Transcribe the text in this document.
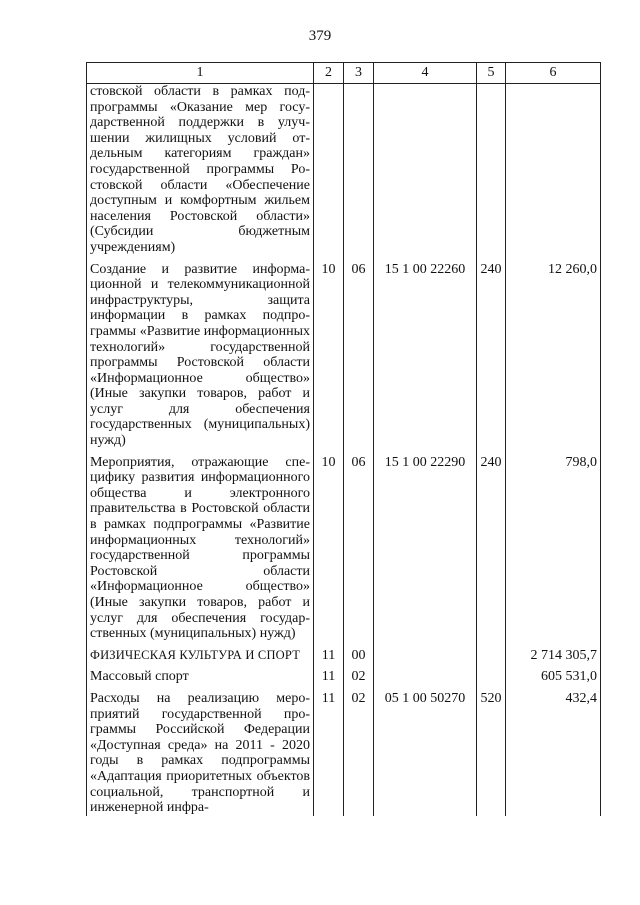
379
1	2	3	4	5	6
стовской области в рамках подпрограммы «Оказание мер государственной поддержки в улучшении жилищных условий отдельным категориям граждан» государственной программы Ростовской области «Обеспечение доступным и комфортным жильем населения Ростовской области» (Субсидии бюджетным учреждениям)					

Создание и развитие информационной и телекоммуникационной инфраструктуры, защита информации в рамках подпрограммы «Развитие информационных технологий» государственной программы Ростовской области «Информационное общество» (Иные закупки товаров, работ и услуг для обеспечения государственных (муниципальных) нужд)	10	06	15 1 00 22260	240	12 260,0

Мероприятия, отражающие специфику развития информационного общества и электронного правительства в Ростовской области в рамках подпрограммы «Развитие информационных технологий» государственной программы Ростовской области «Информационное общество» (Иные закупки товаров, работ и услуг для обеспечения государственных (муниципальных) нужд)	10	06	15 1 00 22290	240	798,0

ФИЗИЧЕСКАЯ КУЛЬТУРА И СПОРТ	11	00			2 714 305,7

Массовый спорт	11	02			605 531,0

Расходы на реализацию мероприятий государственной программы Российской Федерации «Доступная среда» на 2011 - 2020 годы в рамках подпрограммы «Адаптация приоритетных объектов социальной, транспортной и инженерной инфра-	11	02	05 1 00 50270	520	432,4
